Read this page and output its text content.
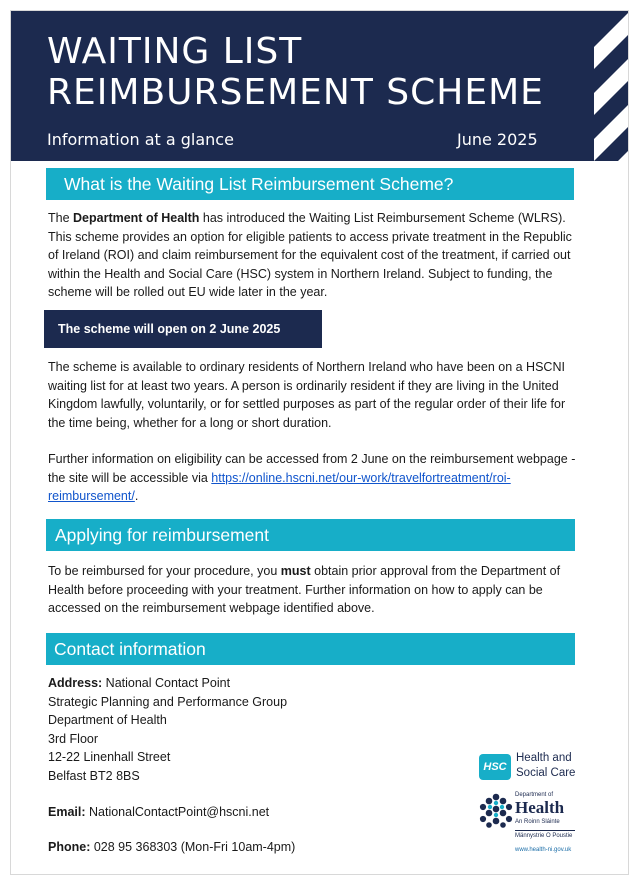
WAITING LIST
REIMBURSEMENT SCHEME
Information at a glance	June 2025
What is the Waiting List Reimbursement Scheme?
The Department of Health has introduced the Waiting List Reimbursement Scheme (WLRS). This scheme provides an option for eligible patients to access private treatment in the Republic of Ireland (ROI) and claim reimbursement for the equivalent cost of the treatment, if carried out within the Health and Social Care (HSC) system in Northern Ireland. Subject to funding, the scheme will be rolled out EU wide later in the year.
The scheme will open on 2 June 2025
The scheme is available to ordinary residents of Northern Ireland who have been on a HSCNI waiting list for at least two years. A person is ordinarily resident if they are living in the United Kingdom lawfully, voluntarily, or for settled purposes as part of the regular order of their life for the time being, whether for a long or short duration.
Further information on eligibility can be accessed from 2 June on the reimbursement webpage - the site will be accessible via https://online.hscni.net/our-work/travelfortreatment/roi-reimbursement/.
Applying for reimbursement
To be reimbursed for your procedure, you must obtain prior approval from the Department of Health before proceeding with your treatment. Further information on how to apply can be accessed on the reimbursement webpage identified above.
Contact information
Address: National Contact Point
Strategic Planning and Performance Group
Department of Health
3rd Floor
12-22 Linenhall Street
Belfast BT2 8BS
Email: NationalContactPoint@hscni.net
Phone: 028 95 368303 (Mon-Fri 10am-4pm)
HSC
Health and
Social Care
Department of
Health
An Roinn Sláinte
Männystrie O Poustie
www.health-ni.gov.uk
